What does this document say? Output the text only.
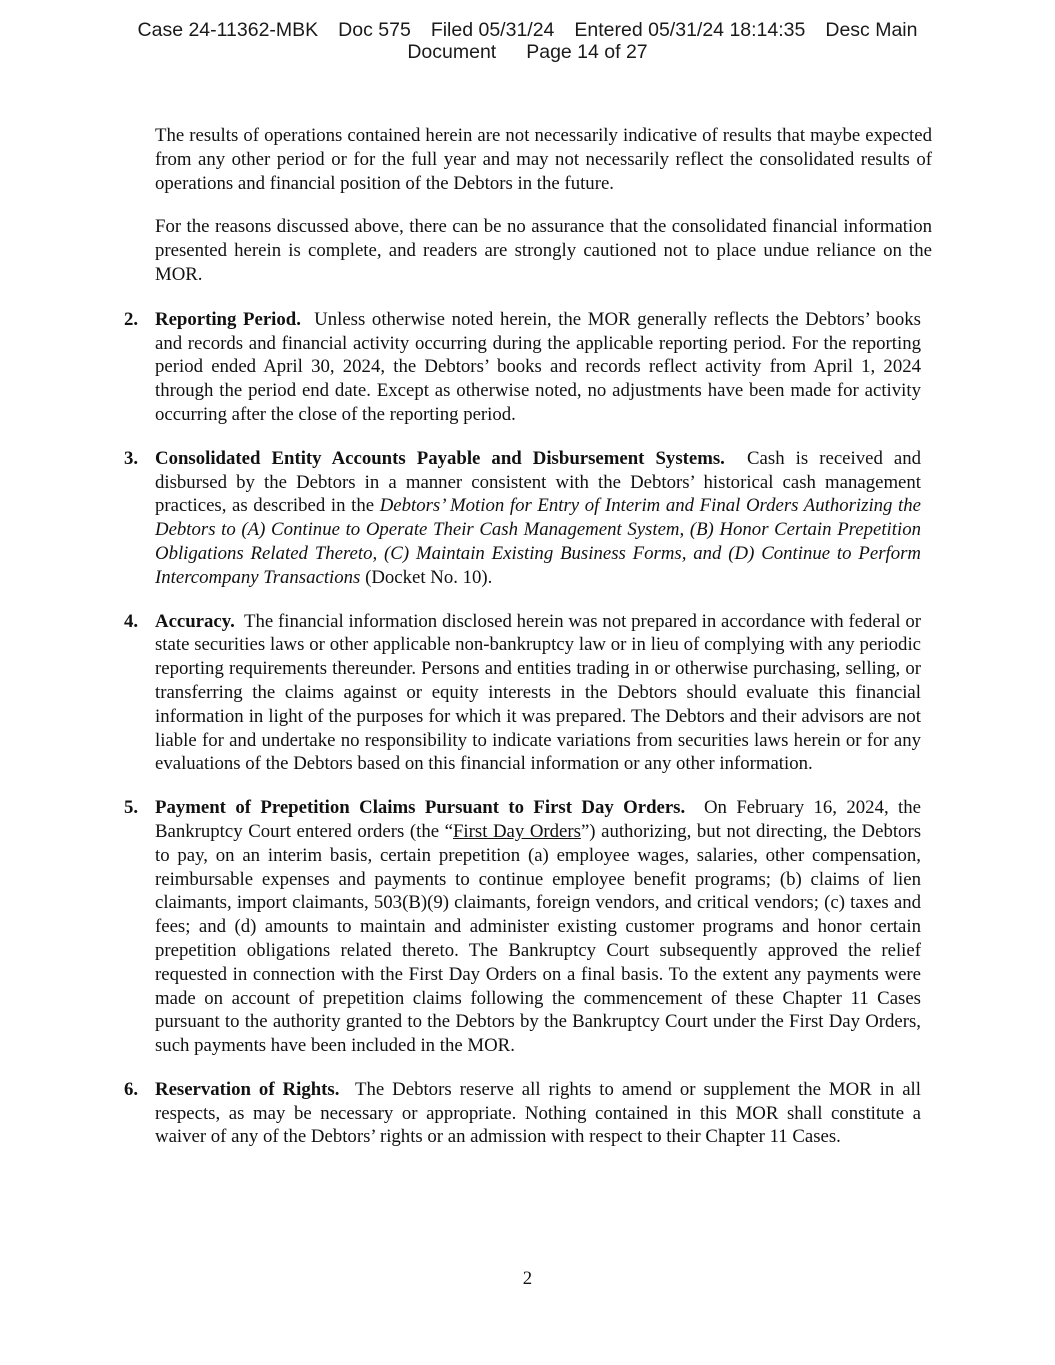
Case 24-11362-MBK Doc 575 Filed 05/31/24 Entered 05/31/24 18:14:35 Desc Main
Document Page 14 of 27

The results of operations contained herein are not necessarily indicative of results that maybe expected from any other period or for the full year and may not necessarily reflect the consolidated results of operations and financial position of the Debtors in the future.

For the reasons discussed above, there can be no assurance that the consolidated financial information presented herein is complete, and readers are strongly cautioned not to place undue reliance on the MOR.

2. Reporting Period. Unless otherwise noted herein, the MOR generally reflects the Debtors’ books and records and financial activity occurring during the applicable reporting period. For the reporting period ended April 30, 2024, the Debtors’ books and records reflect activity from April 1, 2024 through the period end date. Except as otherwise noted, no adjustments have been made for activity occurring after the close of the reporting period.
3. Consolidated Entity Accounts Payable and Disbursement Systems. Cash is received and disbursed by the Debtors in a manner consistent with the Debtors’ historical cash management practices, as described in the Debtors’ Motion for Entry of Interim and Final Orders Authorizing the Debtors to (A) Continue to Operate Their Cash Management System, (B) Honor Certain Prepetition Obligations Related Thereto, (C) Maintain Existing Business Forms, and (D) Continue to Perform Intercompany Transactions (Docket No. 10).
4. Accuracy. The financial information disclosed herein was not prepared in accordance with federal or state securities laws or other applicable non-bankruptcy law or in lieu of complying with any periodic reporting requirements thereunder. Persons and entities trading in or otherwise purchasing, selling, or transferring the claims against or equity interests in the Debtors should evaluate this financial information in light of the purposes for which it was prepared. The Debtors and their advisors are not liable for and undertake no responsibility to indicate variations from securities laws herein or for any evaluations of the Debtors based on this financial information or any other information.
5. Payment of Prepetition Claims Pursuant to First Day Orders. On February 16, 2024, the Bankruptcy Court entered orders (the “First Day Orders”) authorizing, but not directing, the Debtors to pay, on an interim basis, certain prepetition (a) employee wages, salaries, other compensation, reimbursable expenses and payments to continue employee benefit programs; (b) claims of lien claimants, import claimants, 503(B)(9) claimants, foreign vendors, and critical vendors; (c) taxes and fees; and (d) amounts to maintain and administer existing customer programs and honor certain prepetition obligations related thereto. The Bankruptcy Court subsequently approved the relief requested in connection with the First Day Orders on a final basis. To the extent any payments were made on account of prepetition claims following the commencement of these Chapter 11 Cases pursuant to the authority granted to the Debtors by the Bankruptcy Court under the First Day Orders, such payments have been included in the MOR.
6. Reservation of Rights. The Debtors reserve all rights to amend or supplement the MOR in all respects, as may be necessary or appropriate. Nothing contained in this MOR shall constitute a waiver of any of the Debtors’ rights or an admission with respect to their Chapter 11 Cases.
2
